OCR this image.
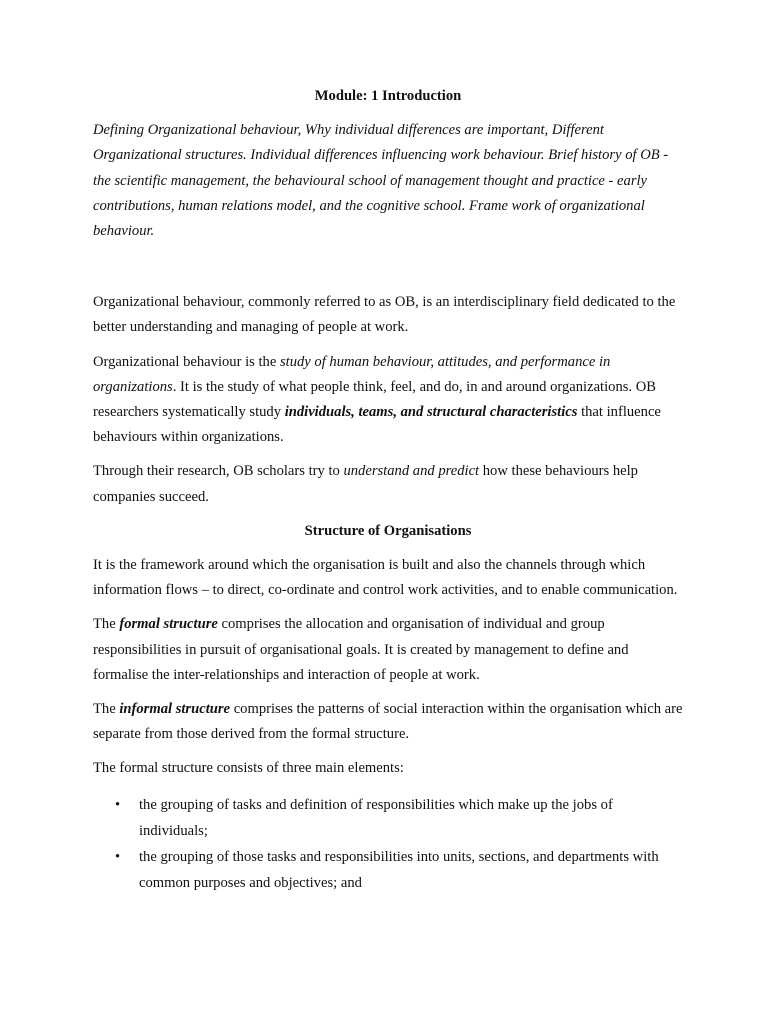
Module: 1 Introduction

Defining Organizational behaviour, Why individual differences are important, Different Organizational structures. Individual differences influencing work behaviour. Brief history of OB - the scientific management, the behavioural school of management thought and practice - early contributions, human relations model, and the cognitive school. Frame work of organizational behaviour.

Organizational behaviour, commonly referred to as OB, is an interdisciplinary field dedicated to the better understanding and managing of people at work.

Organizational behaviour is the study of human behaviour, attitudes, and performance in organizations. It is the study of what people think, feel, and do, in and around organizations. OB researchers systematically study individuals, teams, and structural characteristics that influence behaviours within organizations.

Through their research, OB scholars try to understand and predict how these behaviours help companies succeed.

Structure of Organisations

It is the framework around which the organisation is built and also the channels through which information flows – to direct, co-ordinate and control work activities, and to enable communication.

The formal structure comprises the allocation and organisation of individual and group responsibilities in pursuit of organisational goals. It is created by management to define and formalise the inter-relationships and interaction of people at work.

The informal structure comprises the patterns of social interaction within the organisation which are separate from those derived from the formal structure.

The formal structure consists of three main elements:

• the grouping of tasks and definition of responsibilities which make up the jobs of individuals;
• the grouping of those tasks and responsibilities into units, sections, and departments with common purposes and objectives; and
